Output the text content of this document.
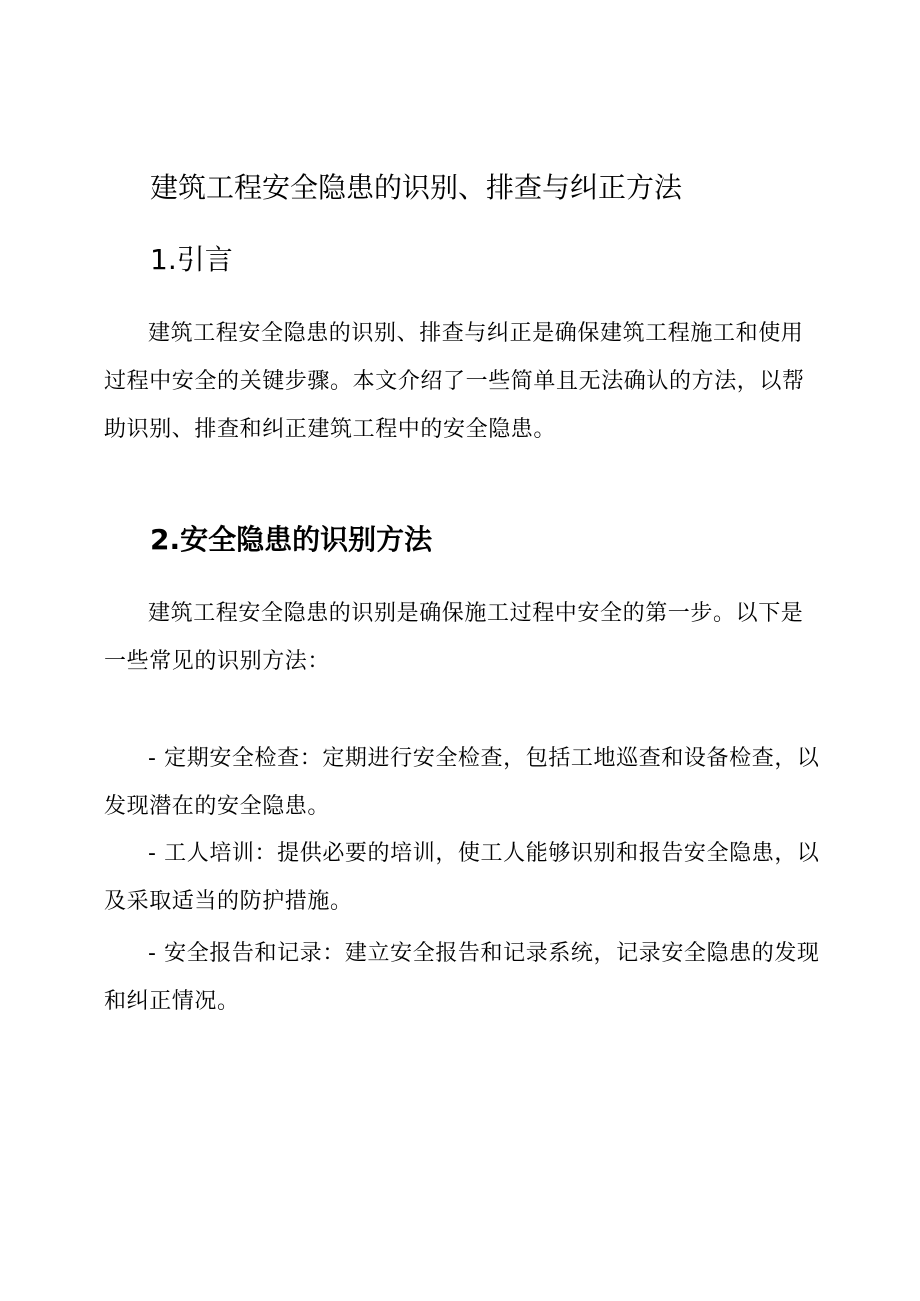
建筑工程安全隐患的识别、排查与纠正方法
1.引言

建筑工程安全隐患的识别、排查与纠正是确保建筑工程施工和使用过程中安全的关键步骤。本文介绍了一些简单且无法确认的方法，以帮助识别、排查和纠正建筑工程中的安全隐患。

2.安全隐患的识别方法

建筑工程安全隐患的识别是确保施工过程中安全的第一步。以下是一些常见的识别方法：

- 定期安全检查：定期进行安全检查，包括工地巡查和设备检查，以发现潜在的安全隐患。

- 工人培训：提供必要的培训，使工人能够识别和报告安全隐患，以及采取适当的防护措施。

- 安全报告和记录：建立安全报告和记录系统，记录安全隐患的发现和纠正情况。
